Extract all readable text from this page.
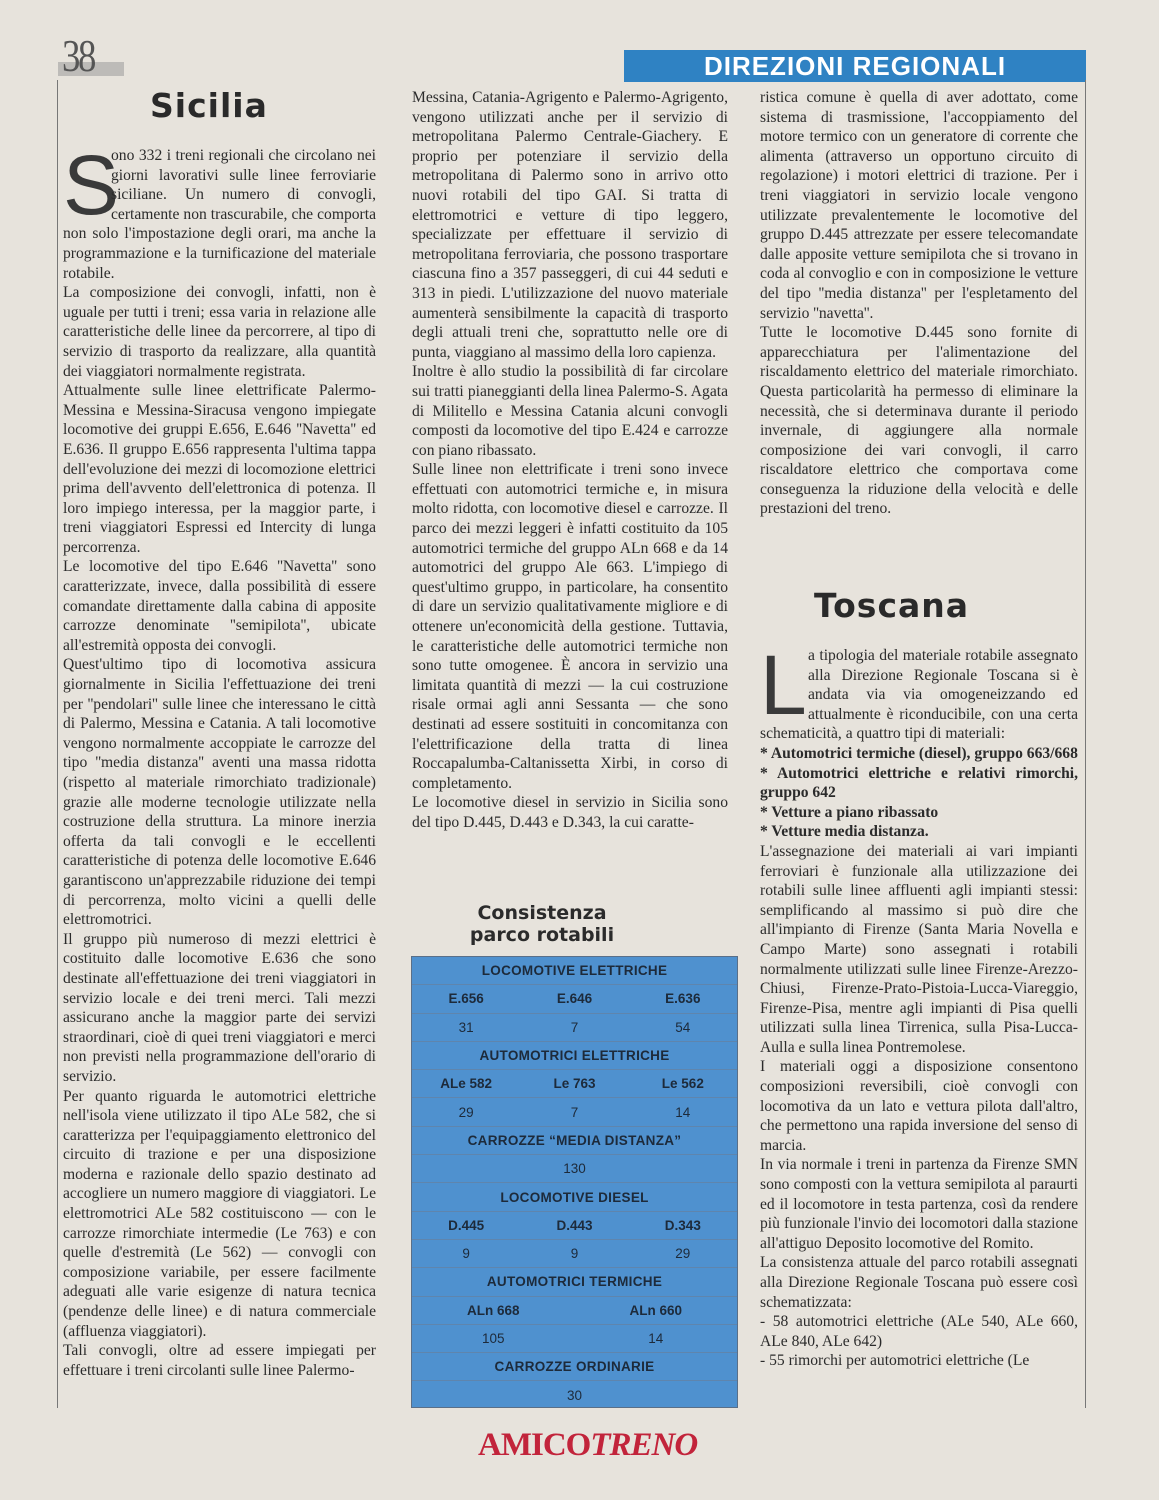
38	DIREZIONI REGIONALI
Sicilia

S
ono 332 i treni regionali che circolano nei giorni lavorativi sulle linee ferroviarie siciliane. Un numero di convogli, certamente non trascurabile, che comporta non solo l'impostazione degli orari, ma anche la programmazione e la turnificazione del materiale rotabile.

La composizione dei convogli, infatti, non è uguale per tutti i treni; essa varia in relazione alle caratteristiche delle linee da percorrere, al tipo di servizio di trasporto da realizzare, alla quantità dei viaggiatori normalmente registrata.

Attualmente sulle linee elettrificate Palermo-Messina e Messina-Siracusa vengono impiegate locomotive dei gruppi E.656, E.646 ''Navetta'' ed E.636. Il gruppo E.656 rappresenta l'ultima tappa dell'evoluzione dei mezzi di locomozione elettrici prima dell'avvento dell'elettronica di potenza. Il loro impiego interessa, per la maggior parte, i treni viaggiatori Espressi ed Intercity di lunga percorrenza.

Le locomotive del tipo E.646 ''Navetta'' sono caratterizzate, invece, dalla possibilità di essere comandate direttamente dalla cabina di apposite carrozze denominate ''semipilota'', ubicate all'estremità opposta dei convogli.

Quest'ultimo tipo di locomotiva assicura giornalmente in Sicilia l'effettuazione dei treni per ''pendolari'' sulle linee che interessano le città di Palermo, Messina e Catania. A tali locomotive vengono normalmente accoppiate le carrozze del tipo ''media distanza'' aventi una massa ridotta (rispetto al materiale rimorchiato tradizionale) grazie alle moderne tecnologie utilizzate nella costruzione della struttura. La minore inerzia offerta da tali convogli e le eccellenti caratteristiche di potenza delle locomotive E.646 garantiscono un'apprezzabile riduzione dei tempi di percorrenza, molto vicini a quelli delle elettromotrici.

Il gruppo più numeroso di mezzi elettrici è costituito dalle locomotive E.636 che sono destinate all'effettuazione dei treni viaggiatori in servizio locale e dei treni merci. Tali mezzi assicurano anche la maggior parte dei servizi straordinari, cioè di quei treni viaggiatori e merci non previsti nella programmazione dell'orario di servizio.

Per quanto riguarda le automotrici elettriche nell'isola viene utilizzato il tipo ALe 582, che si caratterizza per l'equipaggiamento elettronico del circuito di trazione e per una disposizione moderna e razionale dello spazio destinato ad accogliere un numero maggiore di viaggiatori. Le elettromotrici ALe 582 costituiscono — con le carrozze rimorchiate intermedie (Le 763) e con quelle d'estremità (Le 562) — convogli con composizione variabile, per essere facilmente adeguati alle varie esigenze di natura tecnica (pendenze delle linee) e di natura commerciale (affluenza viaggiatori).

Tali convogli, oltre ad essere impiegati per effettuare i treni circolanti sulle linee Palermo-

Messina, Catania-Agrigento e Palermo-Agrigento, vengono utilizzati anche per il servizio di metropolitana Palermo Centrale-Giachery. E proprio per potenziare il servizio della metropolitana di Palermo sono in arrivo otto nuovi rotabili del tipo GAI. Si tratta di elettromotrici e vetture di tipo leggero, specializzate per effettuare il servizio di metropolitana ferroviaria, che possono trasportare ciascuna fino a 357 passeggeri, di cui 44 seduti e 313 in piedi. L'utilizzazione del nuovo materiale aumenterà sensibilmente la capacità di trasporto degli attuali treni che, soprattutto nelle ore di punta, viaggiano al massimo della loro capienza.

Inoltre è allo studio la possibilità di far circolare sui tratti pianeggianti della linea Palermo-S. Agata di Militello e Messina Catania alcuni convogli composti da locomotive del tipo E.424 e carrozze con piano ribassato.

Sulle linee non elettrificate i treni sono invece effettuati con automotrici termiche e, in misura molto ridotta, con locomotive diesel e carrozze. Il parco dei mezzi leggeri è infatti costituito da 105 automotrici termiche del gruppo ALn 668 e da 14 automotrici del gruppo Ale 663. L'impiego di quest'ultimo gruppo, in particolare, ha consentito di dare un servizio qualitativamente migliore e di ottenere un'economicità della gestione. Tuttavia, le caratteristiche delle automotrici termiche non sono tutte omogenee. È ancora in servizio una limitata quantità di mezzi — la cui costruzione risale ormai agli anni Sessanta — che sono destinati ad essere sostituiti in concomitanza con l'elettrificazione della tratta di linea Roccapalumba-Caltanissetta Xirbi, in corso di completamento.

Le locomotive diesel in servizio in Sicilia sono del tipo D.445, D.443 e D.343, la cui caratte-

ristica comune è quella di aver adottato, come sistema di trasmissione, l'accoppiamento del motore termico con un generatore di corrente che alimenta (attraverso un opportuno circuito di regolazione) i motori elettrici di trazione. Per i treni viaggiatori in servizio locale vengono utilizzate prevalentemente le locomotive del gruppo D.445 attrezzate per essere telecomandate dalle apposite vetture semipilota che si trovano in coda al convoglio e con in composizione le vetture del tipo ''media distanza'' per l'espletamento del servizio ''navetta''.

Tutte le locomotive D.445 sono fornite di apparecchiatura per l'alimentazione del riscaldamento elettrico del materiale rimorchiato. Questa particolarità ha permesso di eliminare la necessità, che si determinava durante il periodo invernale, di aggiungere alla normale composizione dei vari convogli, il carro riscaldatore elettrico che comportava come conseguenza la riduzione della velocità e delle prestazioni del treno.

Consistenza
parco rotabili
LOCOMOTIVE ELETTRICHE
E.656	E.646	E.636
31	7	54
AUTOMOTRICI ELETTRICHE
ALe 582	Le 763	Le 562
29	7	14
CARROZZE “MEDIA DISTANZA”
130
LOCOMOTIVE DIESEL
D.445	D.443	D.343
9	9	29
AUTOMOTRICI TERMICHE
ALn 668	ALn 660
105	14
CARROZZE ORDINARIE
30
Toscana

La tipologia del materiale rotabile assegnato alla Direzione Regionale Toscana si è andata via via omogeneizzando ed attualmente è riconducibile, con una certa schematicità, a quattro tipi di materiali:

* Automotrici termiche (diesel), gruppo 663/668

* Automotrici elettriche e relativi rimorchi, gruppo 642

* Vetture a piano ribassato

* Vetture media distanza.

L'assegnazione dei materiali ai vari impianti ferroviari è funzionale alla utilizzazione dei rotabili sulle linee affluenti agli impianti stessi: semplificando al massimo si può dire che all'impianto di Firenze (Santa Maria Novella e Campo Marte) sono assegnati i rotabili normalmente utilizzati sulle linee Firenze-Arezzo-Chiusi, Firenze-Prato-Pistoia-Lucca-Viareggio, Firenze-Pisa, mentre agli impianti di Pisa quelli utilizzati sulla linea Tirrenica, sulla Pisa-Lucca-Aulla e sulla linea Pontremolese.

I materiali oggi a disposizione consentono composizioni reversibili, cioè convogli con locomotiva da un lato e vettura pilota dall'altro, che permettono una rapida inversione del senso di marcia.

In via normale i treni in partenza da Firenze SMN sono composti con la vettura semipilota al paraurti ed il locomotore in testa partenza, così da rendere più funzionale l'invio dei locomotori dalla stazione all'attiguo Deposito locomotive del Romito.

La consistenza attuale del parco rotabili assegnati alla Direzione Regionale Toscana può essere così schematizzata:

- 58 automotrici elettriche (ALe 540, ALe 660, ALe 840, ALe 642)

- 55 rimorchi per automotrici elettriche (Le

AMICOTRENO
